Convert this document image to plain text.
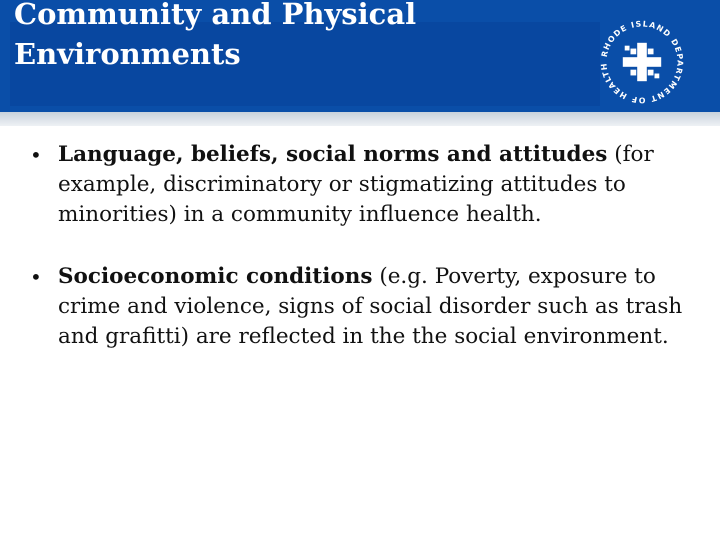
Community and Physical
Environments	RHODE ISLAND DEPARTMENT OF HEALTH
• Language, beliefs, social norms and attitudes (for example, discriminatory or stigmatizing attitudes to minorities) in a community influence health.
• Socioeconomic conditions (e.g. Poverty, exposure to crime and violence, signs of social disorder such as trash and grafitti) are reflected in the the social environment.
